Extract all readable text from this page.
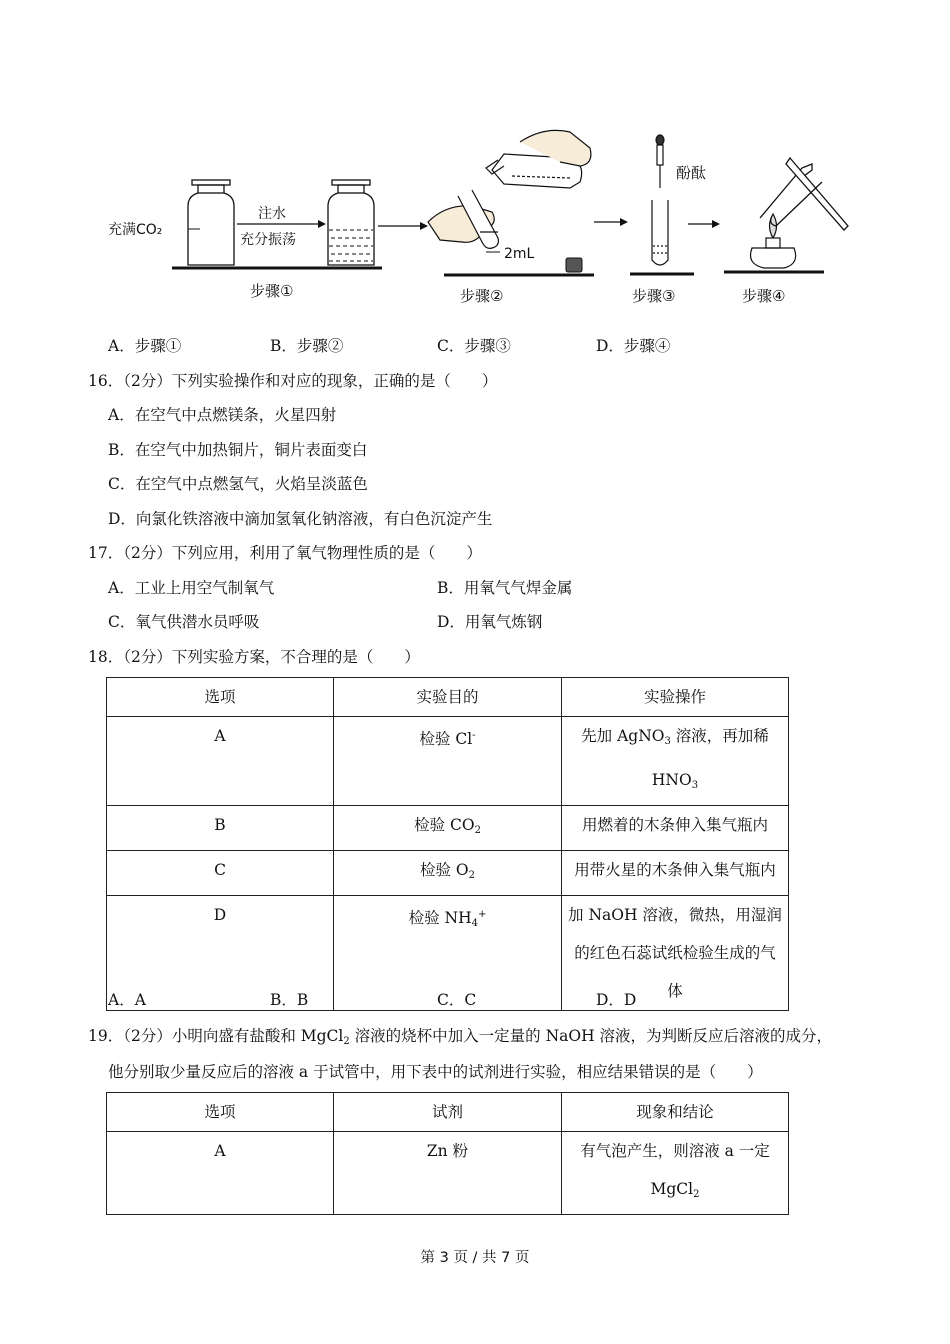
充满CO₂
注水
充分振荡
步骤①
2mL
步骤②
酚酞
步骤③	步骤④
A．步骤①	B．步骤②	C．步骤③	D．步骤④
16．（2分）下列实验操作和对应的现象，正确的是（　　）
A．在空气中点燃镁条，火星四射
B．在空气中加热铜片，铜片表面变白
C．在空气中点燃氢气，火焰呈淡蓝色
D．向氯化铁溶液中滴加氢氧化钠溶液，有白色沉淀产生
17．（2分）下列应用，利用了氧气物理性质的是（　　）
A．工业上用空气制氧气	B．用氧气气焊金属
C．氧气供潜水员呼吸	D．用氧气炼钢
18．（2分）下列实验方案，不合理的是（　　）
选项	实验目的	实验操作
A	检验 Cl-	先加 AgNO$_3$ 溶液，再加稀
$HNO_3$
B	检验 $CO_2$	用燃着的木条伸入集气瓶内
C	检验 $O_2$	用带火星的木条伸入集气瓶内
D	检验 $NH_4^+$	加 NaOH 溶液，微热，用湿润
的红色石蕊试纸检验生成的气
体
A．A	B．B	C．C	D．D
19．（2分）小明向盛有盐酸和 MgCl$_2$ 溶液的烧杯中加入一定量的 NaOH 溶液，为判断反应后溶液的成分，
他分别取少量反应后的溶液 a 于试管中，用下表中的试剂进行实验，相应结果错误的是（　　）
选项	试剂	现象和结论
A	Zn 粉	有气泡产生，则溶液 a 一定
MgCl$_2$
第 3 页 / 共 7 页
